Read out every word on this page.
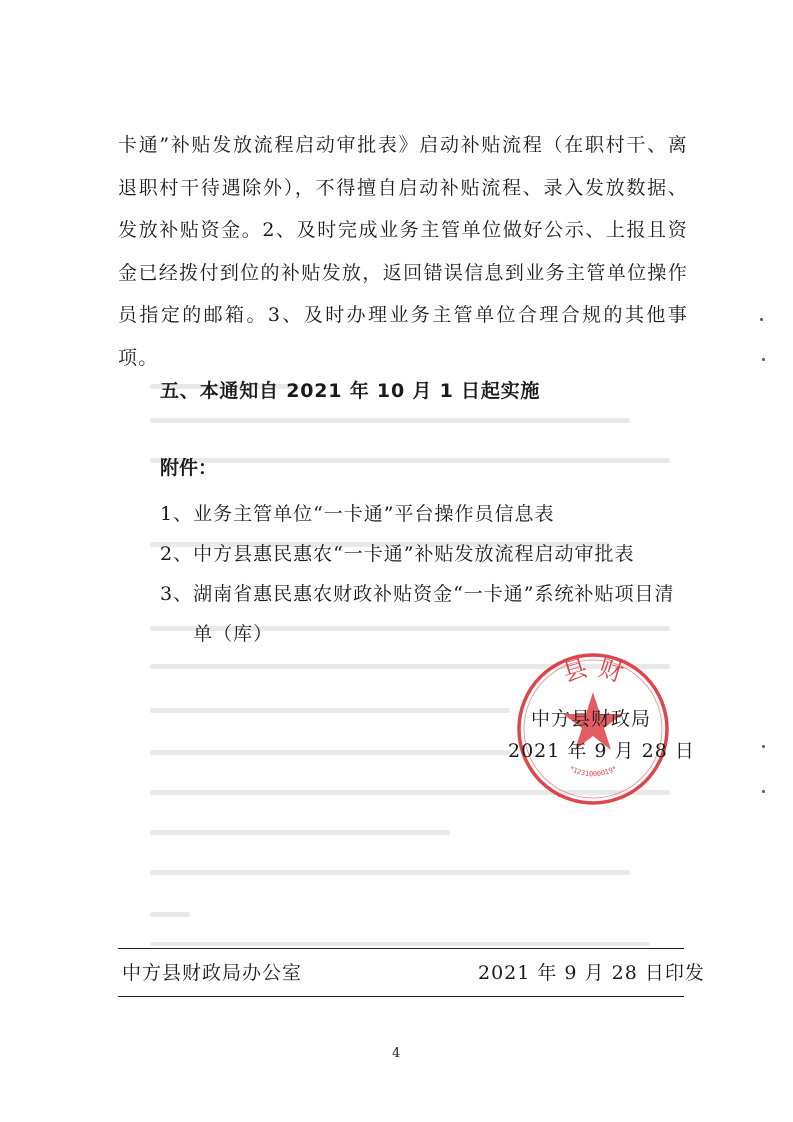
卡通”补贴发放流程启动审批表》启动补贴流程（在职村干、离退职村干待遇除外），不得擅自启动补贴流程、录入发放数据、发放补贴资金。2、及时完成业务主管单位做好公示、上报且资金已经拨付到位的补贴发放，返回错误信息到业务主管单位操作员指定的邮箱。3、及时办理业务主管单位合理合规的其他事项。

五、本通知自 2021 年 10 月 1 日起实施
附件：
1、 业务主管单位“一卡通”平台操作员信息表
2、 中方县惠民惠农“一卡通”补贴发放流程启动审批表
3、 湖南省惠民惠农财政补贴资金“一卡通”系统补贴项目清单（库）
县 财
*1231000019*
中方县财政局
2021 年 9 月 28 日
中方县财政局办公室	2021 年 9 月 28 日印发
4
